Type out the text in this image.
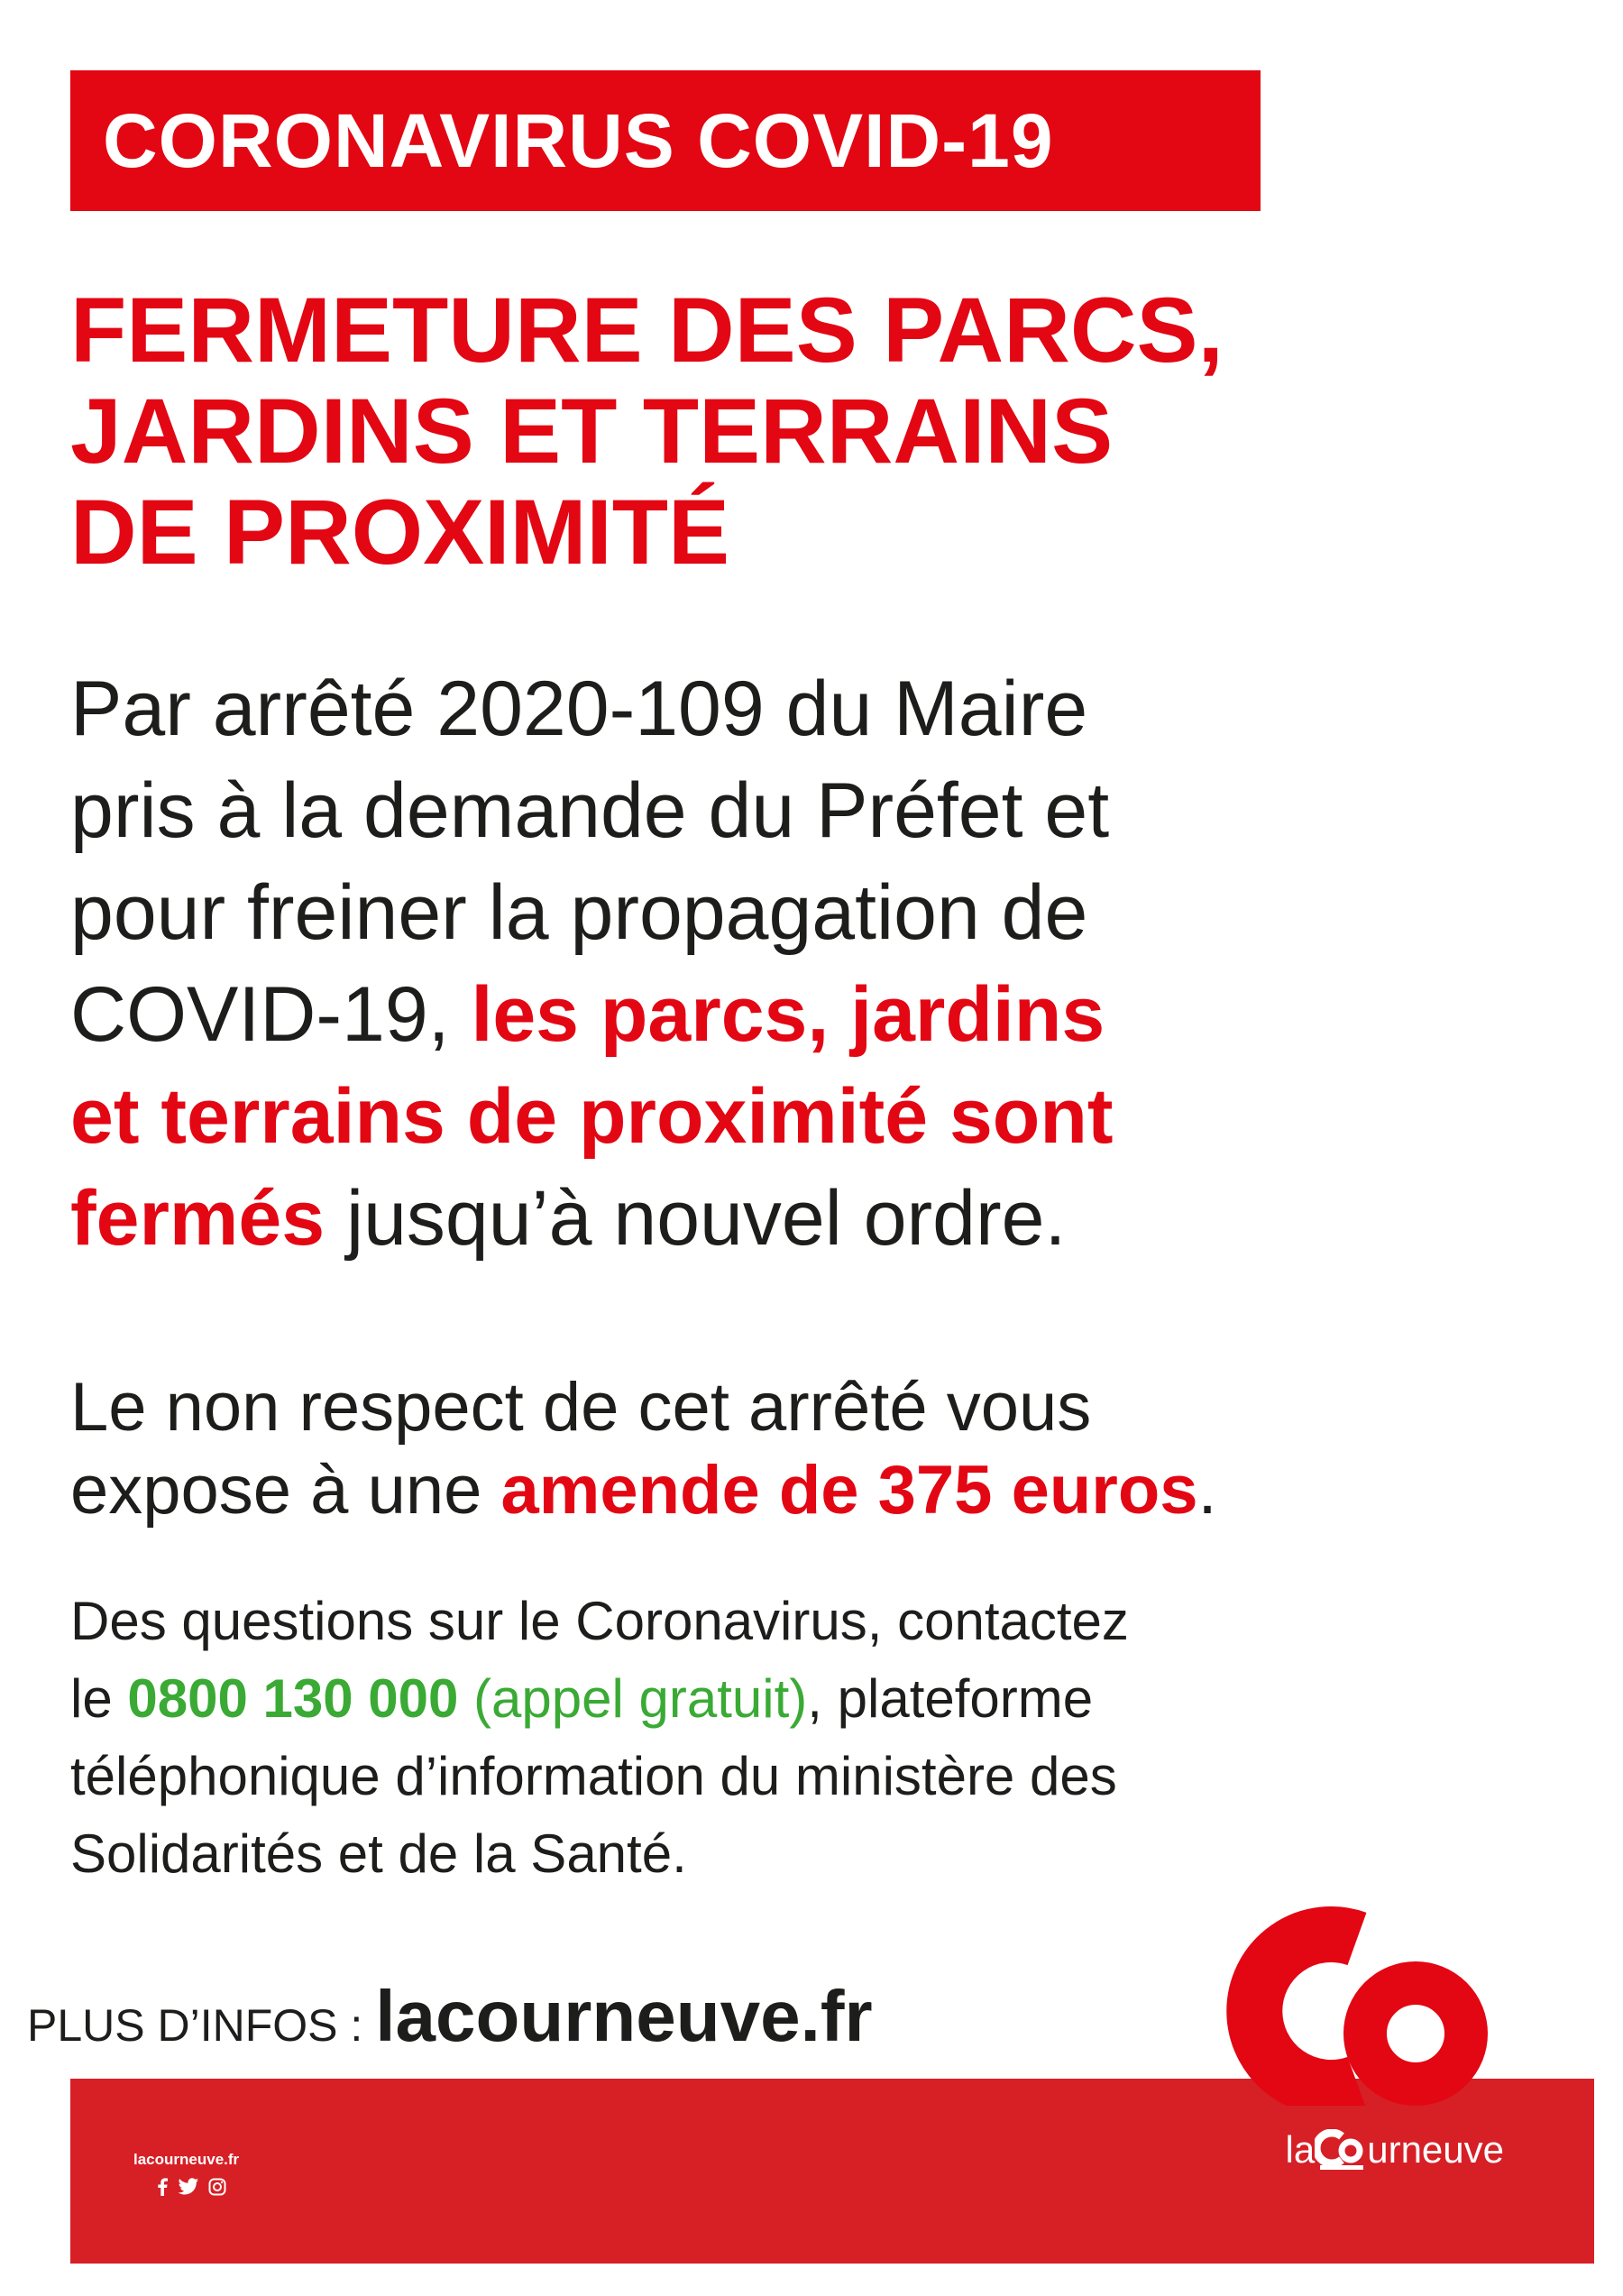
CORONAVIRUS COVID-19
FERMETURE DES PARCS,
JARDINS ET TERRAINS
DE PROXIMITÉ
Par arrêté 2020-109 du Maire
pris à la demande du Préfet et
pour freiner la propagation de
COVID-19, les parcs, jardins
et terrains de proximité sont
fermés jusqu’à nouvel ordre.
Le non respect de cet arrêté vous
expose à une amende de 375 euros.
Des questions sur le Coronavirus, contactez
le 0800 130 000 (appel gratuit), plateforme
téléphonique d’information du ministère des
Solidarités et de la Santé.
PLUS D’INFOS : lacourneuve.fr
lacourneuve.fr	la urneuve
